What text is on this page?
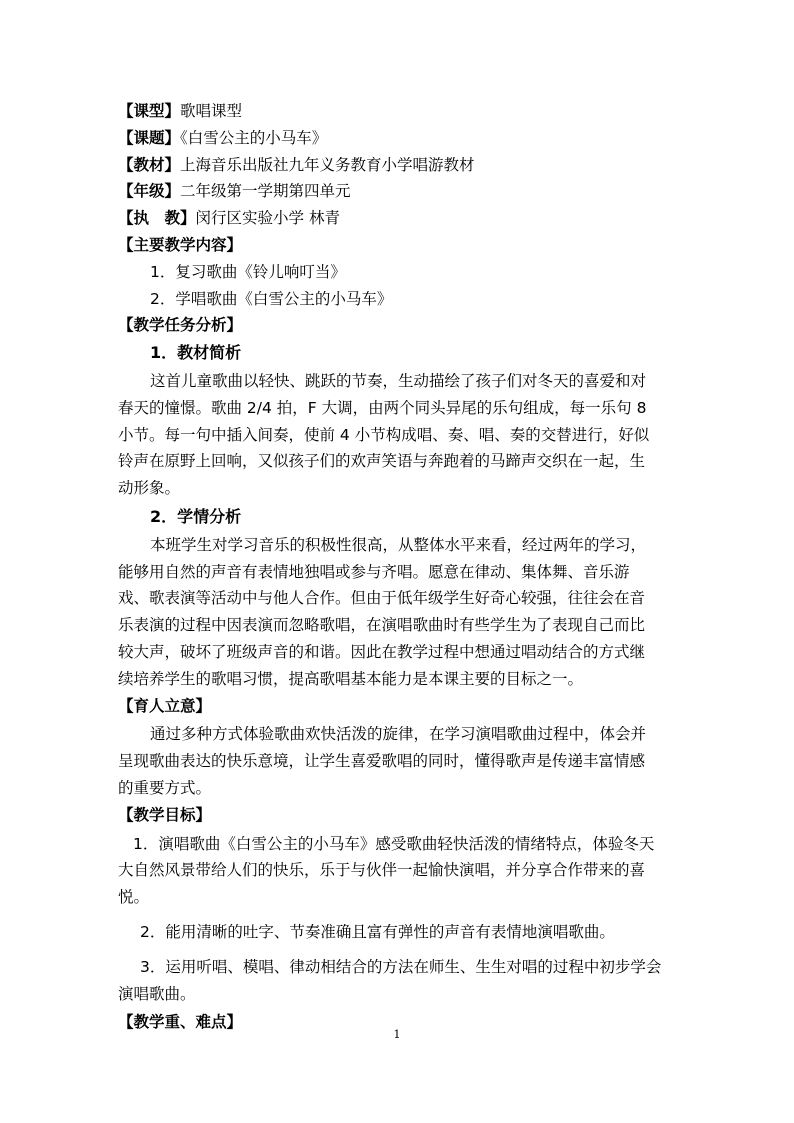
【课型】歌唱课型
【课题】《白雪公主的小马车》
【教材】上海音乐出版社九年义务教育小学唱游教材
【年级】二年级第一学期第四单元
【执　教】闵行区实验小学 林青
【主要教学内容】
1．复习歌曲《铃儿响叮当》
2．学唱歌曲《白雪公主的小马车》
【教学任务分析】
1．教材简析
这首儿童歌曲以轻快、跳跃的节奏，生动描绘了孩子们对冬天的喜爱和对
春天的憧憬。歌曲 2/4 拍，F 大调，由两个同头异尾的乐句组成，每一乐句 8
小节。每一句中插入间奏，使前 4 小节构成唱、奏、唱、奏的交替进行，好似
铃声在原野上回响，又似孩子们的欢声笑语与奔跑着的马蹄声交织在一起，生
动形象。
2．学情分析
本班学生对学习音乐的积极性很高，从整体水平来看，经过两年的学习，
能够用自然的声音有表情地独唱或参与齐唱。愿意在律动、集体舞、音乐游
戏、歌表演等活动中与他人合作。但由于低年级学生好奇心较强，往往会在音
乐表演的过程中因表演而忽略歌唱，在演唱歌曲时有些学生为了表现自己而比
较大声，破坏了班级声音的和谐。因此在教学过程中想通过唱动结合的方式继
续培养学生的歌唱习惯，提高歌唱基本能力是本课主要的目标之一。
【育人立意】
通过多种方式体验歌曲欢快活泼的旋律，在学习演唱歌曲过程中，体会并
呈现歌曲表达的快乐意境，让学生喜爱歌唱的同时，懂得歌声是传递丰富情感
的重要方式。
【教学目标】
1．演唱歌曲《白雪公主的小马车》感受歌曲轻快活泼的情绪特点，体验冬天
大自然风景带给人们的快乐，乐于与伙伴一起愉快演唱，并分享合作带来的喜
悦。
2．能用清晰的吐字、节奏准确且富有弹性的声音有表情地演唱歌曲。
3．运用听唱、模唱、律动相结合的方法在师生、生生对唱的过程中初步学会
演唱歌曲。
【教学重、难点】
1
